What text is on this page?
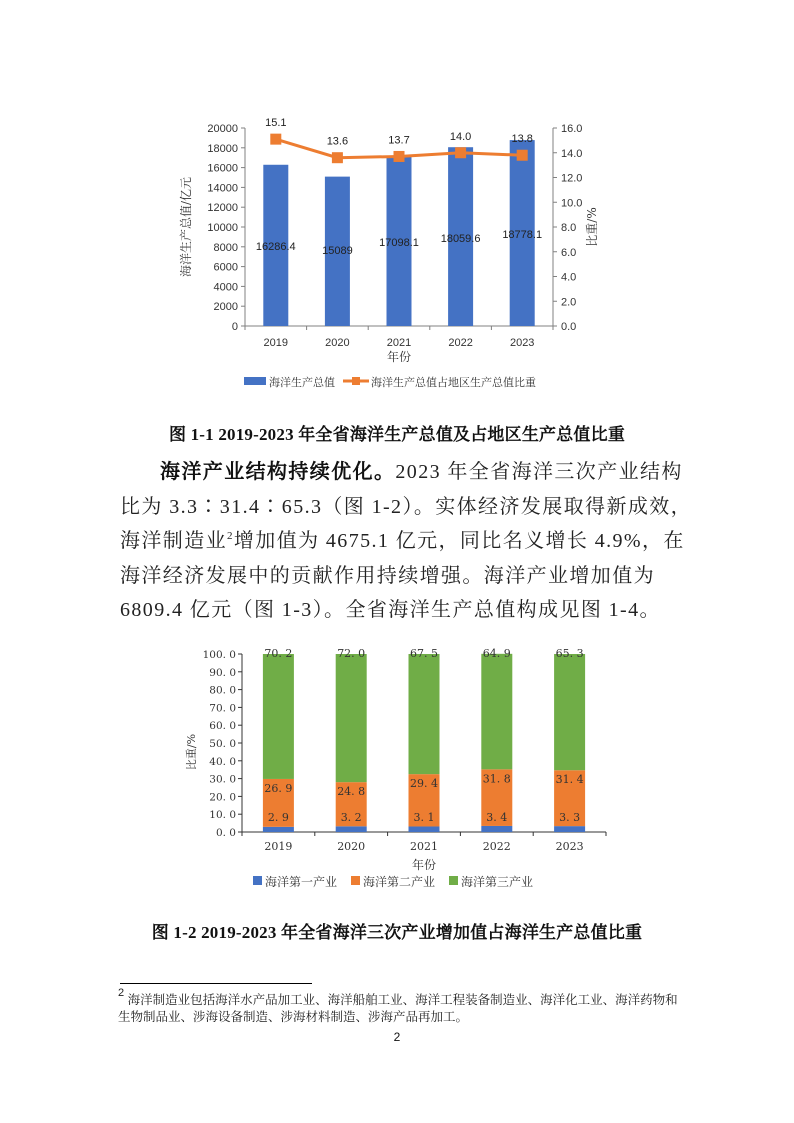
0
2000
4000
6000
8000
10000
12000
14000
16000
18000
20000
0.0
2.0
4.0
6.0
8.0
10.0
12.0
14.0
16.0
2019	2020	2021	2022	2023
16286.4 15089
17098.1 18059.6 18778.1
15.1
13.6	13.7	14.0	13.8
海洋生产总值/亿元	比重/%
年份
海洋生产总值	海洋生产总值占地区生产总值比重
图 1-1 2019-2023 年全省海洋生产总值及占地区生产总值比重
海洋产业结构持续优化。2023 年全省海洋三次产业结构
比为 3.3∶31.4∶65.3（图 1-2）。实体经济发展取得新成效，
海洋制造业$^2$增加值为 4675.1 亿元，同比名义增长 4.9%，在
海洋经济发展中的贡献作用持续增强。海洋产业增加值为
6809.4 亿元（图 1-3）。全省海洋生产总值构成见图 1-4。
0. 0
10. 0
20. 0
30. 0
40. 0
50. 0
60. 0
70. 0
80. 0
90. 0
100. 0
2. 9
26. 9
70. 2
2019
3. 2
24. 8
72. 0
2020
3. 1
29. 4
67. 5
2021
3. 4
31. 8
64. 9
2022
3. 3
31. 4
65. 3
2023
比重/%
年份
海洋第一产业 海洋第二产业 海洋第三产业
图 1-2 2019-2023 年全省海洋三次产业增加值占海洋生产总值比重
$^2$ 海洋制造业包括海洋水产品加工业、海洋船舶工业、海洋工程装备制造业、海洋化工业、海洋药物和生物制品业、涉海设备制造、涉海材料制造、涉海产品再加工。
2
